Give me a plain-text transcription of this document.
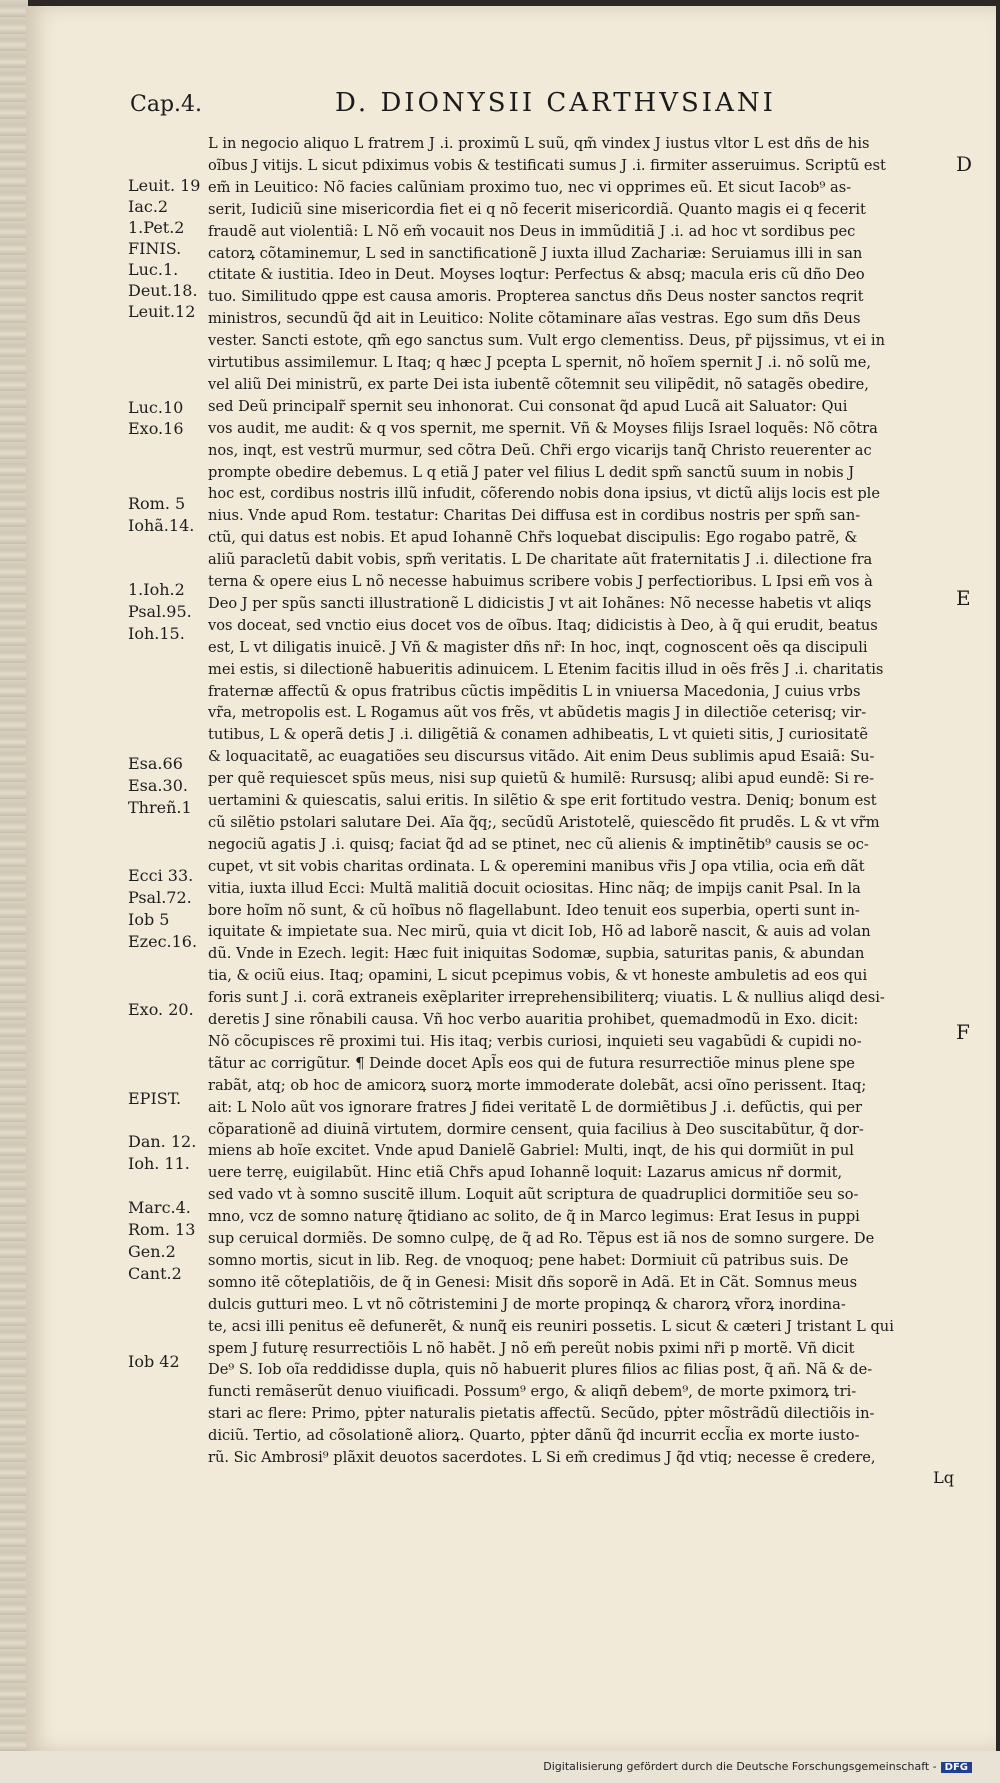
Cap.4.	D. DIONYSII CARTHVSIANI
D
E
F
Leuit. 19
Iac.2
1.Pet.2
FINIS.
Luc.1.
Deut.18.
Leuit.12
Luc.10
Exo.16
Rom. 5
Iohã.14.
1.Ioh.2
Psal.95.
Ioh.15.
Esa.66
Esa.30.
Threñ.1
Ecci 33.
Psal.72.
Iob 5
Ezec.16.
Exo. 20.
EPIST.
Dan. 12.
Ioh. 11.
Marc.4.
Rom. 13
Gen.2
Cant.2
Iob 42
L in negocio aliquo L fratrem J .i. proximũ L suũ, qm̃ vindex J iustus vltor L est dñs de his
oĩbus J vitijs. L sicut pdiximus vobis & testificati sumus J .i. firmiter asseruimus. Scriptũ est
em̃ in Leuitico: Nõ facies calũniam proximo tuo, nec vi opprimes eũ. Et sicut Iacob⁹ as-
serit, Iudiciũ sine misericordia fiet ei q nõ fecerit misericordiã. Quanto magis ei q fecerit
fraudẽ aut violentiã: L Nõ em̃ vocauit nos Deus in immũditiã J .i. ad hoc vt sordibus pec
catorꝝ cõtaminemur, L sed in sanctificationẽ J iuxta illud Zachariæ: Seruiamus illi in san
ctitate & iustitia. Ideo in Deut. Moyses loqtur: Perfectus & absq; macula eris cũ dño Deo
tuo. Similitudo qppe est causa amoris. Propterea sanctus dñs Deus noster sanctos reqrit
ministros, secundũ q̃d ait in Leuitico: Nolite cõtaminare aĩas vestras. Ego sum dñs Deus
vester. Sancti estote, qm̃ ego sanctus sum. Vult ergo clementiss. Deus, pr̃ pijssimus, vt ei in
virtutibus assimilemur. L Itaq; q hæc J pcepta L spernit, nõ hoĩem spernit J .i. nõ solũ me,
vel aliũ Dei ministrũ, ex parte Dei ista iubentẽ cõtemnit seu vilipẽdit, nõ satagẽs obedire,
sed Deũ principalr̃ spernit seu inhonorat. Cui consonat q̃d apud Lucã ait Saluator: Qui
vos audit, me audit: & q vos spernit, me spernit. Vñ & Moyses filijs Israel loquẽs: Nõ cõtra
nos, inqt, est vestrũ murmur, sed cõtra Deũ. Chr̃i ergo vicarijs tanq̃ Christo reuerenter ac
prompte obedire debemus. L q etiã J pater vel filius L dedit spm̃ sanctũ suum in nobis J
hoc est, cordibus nostris illũ infudit, cõferendo nobis dona ipsius, vt dictũ alijs locis est ple
nius. Vnde apud Rom. testatur: Charitas Dei diffusa est in cordibus nostris per spm̃ san-
ctũ, qui datus est nobis. Et apud Iohannẽ Chr̃s loquebat discipulis: Ego rogabo patrẽ, &
aliũ paracletũ dabit vobis, spm̃ veritatis. L De charitate aũt fraternitatis J .i. dilectione fra
terna & opere eius L nõ necesse habuimus scribere vobis J perfectioribus. L Ipsi em̃ vos à
Deo J per spũs sancti illustrationẽ L didicistis J vt ait Iohãnes: Nõ necesse habetis vt aliqs
vos doceat, sed vnctio eius docet vos de oĩbus. Itaq; didicistis à Deo, à q̃ qui erudit, beatus
est, L vt diligatis inuicẽ. J Vñ & magister dñs nr̃: In hoc, inqt, cognoscent oẽs qa discipuli
mei estis, si dilectionẽ habueritis adinuicem. L Etenim facitis illud in oẽs frẽs J .i. charitatis
fraternæ affectũ & opus fratribus cũctis impẽditis L in vniuersa Macedonia, J cuius vrbs
vr̃a, metropolis est. L Rogamus aũt vos frẽs, vt abũdetis magis J in dilectiõe ceterisq; vir-
tutibus, L & operã detis J .i. diligẽtiã & conamen adhibeatis, L vt quieti sitis, J curiositatẽ
& loquacitatẽ, ac euagatiões seu discursus vitãdo. Ait enim Deus sublimis apud Esaiã: Su-
per quẽ requiescet spũs meus, nisi sup quietũ & humilẽ: Rursusq; alibi apud eundẽ: Si re-
uertamini & quiescatis, salui eritis. In silẽtio & spe erit fortitudo vestra. Deniq; bonum est
cũ silẽtio pstolari salutare Dei. Aĩa q̃q;, secũdũ Aristotelẽ, quiescẽdo fit prudẽs. L & vt vr̃m
negociũ agatis J .i. quisq; faciat q̃d ad se ptinet, nec cũ alienis & imptinẽtib⁹ causis se oc-
cupet, vt sit vobis charitas ordinata. L & operemini manibus vr̃is J opa vtilia, ocia em̃ dãt
vitia, iuxta illud Ecci: Multã malitiã docuit ociositas. Hinc nãq; de impijs canit Psal. In la
bore hoĩm nõ sunt, & cũ hoĩbus nõ flagellabunt. Ideo tenuit eos superbia, operti sunt in-
iquitate & impietate sua. Nec mirũ, quia vt dicit Iob, Hõ ad laborẽ nascit, & auis ad volan
dũ. Vnde in Ezech. legit: Hæc fuit iniquitas Sodomæ, supbia, saturitas panis, & abundan
tia, & ociũ eius. Itaq; opamini, L sicut pcepimus vobis, & vt honeste ambuletis ad eos qui
foris sunt J .i. corã extraneis exẽplariter irreprehensibiliterq; viuatis. L & nullius aliqd desi-
deretis J sine rõnabili causa. Vñ hoc verbo auaritia prohibet, quemadmodũ in Exo. dicit:
Nõ cõcupisces rẽ proximi tui. His itaq; verbis curiosi, inquieti seu vagabũdi & cupidi no-
tãtur ac corrigũtur. ¶ Deinde docet Apl̃s eos qui de futura resurrectiõe minus plene spe
rabãt, atq; ob hoc de amicorꝝ suorꝝ morte immoderate dolebãt, acsi oĩno perissent. Itaq;
ait: L Nolo aũt vos ignorare fratres J fidei veritatẽ L de dormiẽtibus J .i. defũctis, qui per
cõparationẽ ad diuinã virtutem, dormire censent, quia facilius à Deo suscitabũtur, q̃ dor-
miens ab hoĩe excitet. Vnde apud Danielẽ Gabriel: Multi, inqt, de his qui dormiũt in pul
uere terrę, euigilabũt. Hinc etiã Chr̃s apud Iohannẽ loquit: Lazarus amicus nr̃ dormit,
sed vado vt à somno suscitẽ illum. Loquit aũt scriptura de quadruplici dormitiõe seu so-
mno, vcz de somno naturę q̃tidiano ac solito, de q̃ in Marco legimus: Erat Iesus in puppi
sup ceruical dormiẽs. De somno culpę, de q̃ ad Ro. Tẽpus est iã nos de somno surgere. De
somno mortis, sicut in lib. Reg. de vnoquoq; pene habet: Dormiuit cũ patribus suis. De
somno itẽ cõteplatiõis, de q̃ in Genesi: Misit dñs soporẽ in Adã. Et in Cãt. Somnus meus
dulcis gutturi meo. L vt nõ cõtristemini J de morte propinqꝝ & charorꝝ vr̃orꝝ inordina-
te, acsi illi penitus eẽ defunerẽt, & nunq̃ eis reuniri possetis. L sicut & cæteri J tristant L qui
spem J futurę resurrectiõis L nõ habẽt. J nõ em̃ pereũt nobis pximi nr̃i p mortẽ. Vñ dicit
De⁹ S. Iob oĩa reddidisse dupla, quis nõ habuerit plures filios ac filias post, q̃ añ. Nã & de-
functi remãserũt denuo viuificadi. Possum⁹ ergo, & aliqñ debem⁹, de morte pximorꝝ tri-
stari ac flere: Primo, pṗter naturalis pietatis affectũ. Secũdo, pṗter mõstrãdũ dilectiõis in-
diciũ. Tertio, ad cõsolationẽ aliorꝝ. Quarto, pṗter dãnũ q̃d incurrit eccl̃ia ex morte iusto-
rũ. Sic Ambrosi⁹ plãxit deuotos sacerdotes. L Si em̃ credimus J q̃d vtiq; necesse ẽ credere,
Lq
Digitalisierung gefördert durch die Deutsche Forschungsgemeinschaft - DFG
